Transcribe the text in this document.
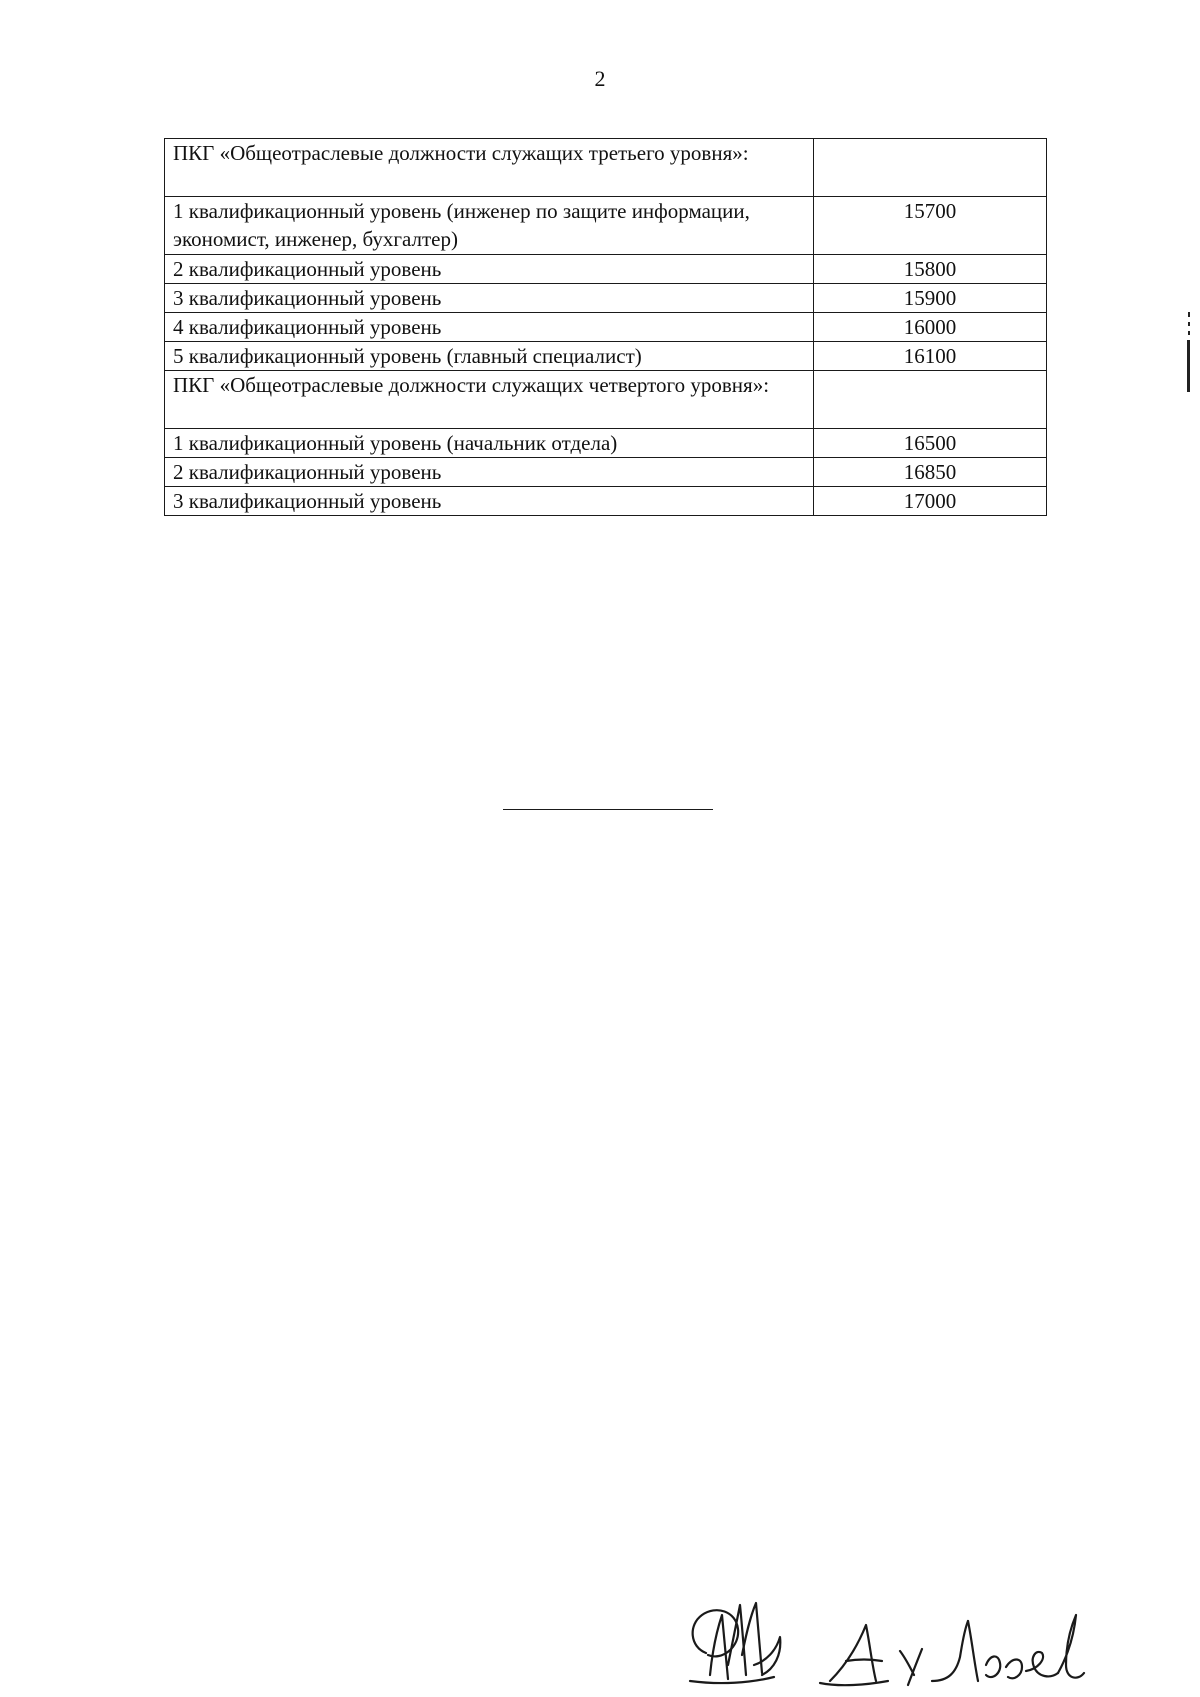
2
ПКГ «Общеотраслевые должности служащих третьего уровня»:	
1 квалификационный уровень (инженер по защите информации, экономист, инженер, бухгалтер)	15700
2 квалификационный уровень	15800
3 квалификационный уровень	15900
4 квалификационный уровень	16000
5 квалификационный уровень (главный специалист)	16100
ПКГ «Общеотраслевые должности служащих четвертого уровня»:	
1 квалификационный уровень (начальник отдела)	16500
2 квалификационный уровень	16850
3 квалификационный уровень	17000
